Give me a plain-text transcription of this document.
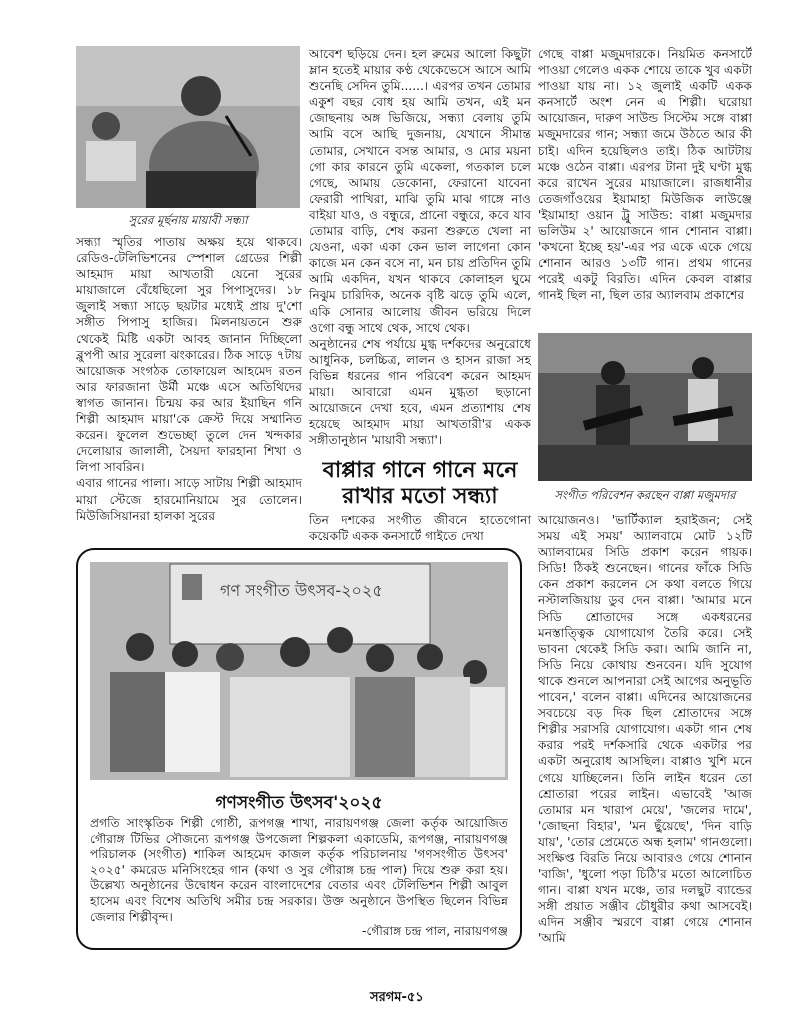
সুরের মূর্ছনায় মায়াবী সন্ধ্যা

সন্ধ্যা স্মৃতির পাতায় অক্ষয় হয়ে থাকবে। রেডিও-টেলিভিশনের স্পেশাল গ্রেডের শিল্পী আহমাদ মায়া আখতারী যেনো সুরের মায়াজালে বেঁধেছিলো সুর পিপাসুদের। ১৮ জুলাই সন্ধ্যা সাড়ে ছয়টার মধ্যেই প্রায় দু'শো সঙ্গীত পিপাসু হাজির। মিলনায়তনে শুরু থেকেই মিষ্টি একটা আবহ জানান দিচ্ছিলো ব্লুপপী আর সুরেলা ঝংকারের। ঠিক সাড়ে ৭টায় আয়োজক সংগঠক তোফায়েল আহমেদ রতন আর ফারজানা উর্মী মঞ্চে এসে অতিথিদের স্বাগত জানান। চিন্ময় কর আর ইয়াছিন গনি শিল্পী আহমাদ মায়া'কে ক্রেস্ট দিয়ে সম্মানিত করেন। ফুলেল শুভেচ্ছা তুলে দেন খন্দকার দেলোয়ার জালালী, সৈয়দা ফারহানা শিখা ও লিপা সাবরিন।

এবার গানের পালা। সাড়ে সাটায় শিল্পী আহমাদ মায়া স্টেজে হারমোনিয়ামে সুর তোলেন। মিউজিসিয়ানরা হালকা সুরের

আবেশ ছড়িয়ে দেন। হল রুমের আলো কিছুটা ম্লান হতেই মায়ার কণ্ঠ থেকেভেসে আসে আমি শুনেছি সেদিন তুমি......। এরপর তখন তোমার একুশ বছর বোধ হয় আমি তখন, এই মন জোছনায় অঙ্গ ভিজিয়ে, সন্ধ্যা বেলায় তুমি আমি বসে আছি দুজনায়, যেখানে সীমান্ত তোমার, সেখানে বসন্ত আমার, ও মোর ময়না গো কার কারনে তুমি একেলা, গতকাল চলে গেছে, আমায় ডেকোনা, ফেরানো যাবেনা ফেরারী পাখিরা, মাঝি তুমি মাঝ গাঙ্গে নাও বাইয়া যাও, ও বন্ধুরে, প্রানো বন্ধুরে, কবে যাব তোমার বাড়ি, শেষ করনা শুরুতে খেলা না যেওনা, একা একা কেন ভাল লাগেনা কোন কাজে মন কেন বসে না, মন চায় প্রতিদিন তুমি আমি একদিন, যখন থাকবে কোলাহল ঘুমে নিঝুম চারিদিক, অনেক বৃষ্টি ঝড়ে তুমি এলে, একি সোনার আলোয় জীবন ভরিয়ে দিলে ওগো বন্ধু সাথে থেক, সাথে থেক।

অনুষ্ঠানের শেষ পর্যায়ে মুগ্ধ দর্শকদের অনুরোধে আধুনিক, চলচ্চিত্র, লালন ও হাসন রাজা সহ বিভিন্ন ধরনের গান পরিবেশ করেন আহমদ মায়া। আবারো এমন মুগ্ধতা ছড়ানো আয়োজনে দেখা হবে, এমন প্রত্যাশায় শেষ হয়েছে আহমাদ মায়া আখতারী'র একক সঙ্গীতানুষ্ঠান 'মায়াবী সন্ধ্যা'।

বাপ্পার গানে গানে মনে
রাখার মতো সন্ধ্যা
তিন দশকের সংগীত জীবনে হাতেগোনা কয়েকটি একক কনসার্টে গাইতে দেখা
গেছে বাপ্পা মজুমদারকে। নিয়মিত কনসার্টে পাওয়া গেলেও একক শোয়ে তাকে খুব একটা পাওয়া যায় না। ১২ জুলাই একটি একক কনসার্টে অংশ নেন এ শিল্পী। ঘরোয়া আয়োজন, দারুণ সাউন্ড সিস্টেম সঙ্গে বাপ্পা মজুমদারের গান; সন্ধ্যা জমে উঠতে আর কী চাই। এদিন হয়েছিলও তাই। ঠিক আটটায় মঞ্চে ওঠেন বাপ্পা। এরপর টানা দুই ঘণ্টা মুগ্ধ করে রাখেন সুরের মায়াজালে। রাজধানীর তেজগাঁওয়ের ইয়ামাহা মিউজিক লাউঞ্জে 'ইয়ামাহা ওয়ান ট্রু সাউন্ড: বাপ্পা মজুমদার ভলিউম ২' আয়োজনে গান শোনান বাপ্পা। 'কখনো ইচ্ছে হয়'-এর পর একে একে গেয়ে শোনান আরও ১৩টি গান। প্রথম গানের পরেই একটু বিরতি। এদিন কেবল বাপ্পার গানই ছিল না, ছিল তার অ্যালবাম প্রকাশের
সংগীত পরিবেশন করছেন বাপ্পা মজুমদার
আয়োজনও। 'ভার্টিক্যাল হরাইজন; সেই সময় এই সময়' অ্যালবামে মোট ১২টি অ্যালবামের সিডি প্রকাশ করেন গায়ক। সিডি! ঠিকই শুনেছেন। গানের ফাঁকে সিডি কেন প্রকাশ করলেন সে কথা বলতে গিয়ে নস্টালজিয়ায় ডুব দেন বাপ্পা। 'আমার মনে সিডি শ্রোতাদের সঙ্গে একধরনের মনস্তাত্ত্বিক যোগাযোগ তৈরি করে। সেই ভাবনা থেকেই সিডি করা। আমি জানি না, সিডি নিয়ে কোথায় শুনবেন। যদি সুযোগ থাকে শুনলে আপনারা সেই আগের অনুভূতি পাবেন,' বলেন বাপ্পা। এদিনের আয়োজনের সবচেয়ে বড় দিক ছিল শ্রোতাদের সঙ্গে শিল্পীর সরাসরি যোগাযোগ। একটা গান শেষ করার পরই দর্শকসারি থেকে একটার পর একটা অনুরোধ আসছিল। বাপ্পাও খুশি মনে গেয়ে যাচ্ছিলেন। তিনি লাইন ধরেন তো শ্রোতারা পরের লাইন। এভাবেই 'আজ তোমার মন খারাপ মেয়ে', 'জলের দামে', 'জোছনা বিহার', 'মন ছুঁয়েছে', 'দিন বাড়ি যায়', 'তোর প্রেমেতে অন্ধ হলাম' গানগুলো। সংক্ষিপ্ত বিরতি নিয়ে আবারও গেয়ে শোনান 'বাজি', 'ধুলো পড়া চিঠি'র মতো আলোচিত গান। বাপ্পা যখন মঞ্চে, তার দলছুট ব্যান্ডের সঙ্গী প্রয়াত সঞ্জীব চৌধুরীর কথা আসবেই। এদিন সঞ্জীব স্মরণে বাপ্পা গেয়ে শোনান 'আমি
গণ সংগীত উৎসব-২০২৫
গণসংগীত উৎসব'২০২৫
প্রগতি সাংস্কৃতিক শিল্পী গোষ্ঠী, রূপগঞ্জ শাখা, নারায়ণগঞ্জ জেলা কর্তৃক আয়োজিত গৌরাঙ্গ টিভির সৌজন্যে রূপগঞ্জ উপজেলা শিল্পকলা একাডেমি, রূপগঞ্জ, নারায়ণগঞ্জ পরিচালক (সংগীত) শাকিল আহমেদ কাজল কর্তৃক পরিচালনায় 'গণসংগীত উৎসব' ২০২৫' কমরেড মনিসিংহের গান (কথা ও সুর গৌরাঙ্গ চন্দ্র পাল) দিয়ে শুরু করা হয়। উল্লেখ্য অনুষ্ঠানের উদ্বোধন করেন বাংলাদেশের বেতার এবং টেলিভিশন শিল্পী আবুল হাসেম এবং বিশেষ অতিথি সমীর চন্দ্র সরকার। উক্ত অনুষ্ঠানে উপস্থিত ছিলেন বিভিন্ন জেলার শিল্পীবৃন্দ।
-গৌরাঙ্গ চন্দ্র পাল, নারায়ণগঞ্জ
সরগম-৫১
